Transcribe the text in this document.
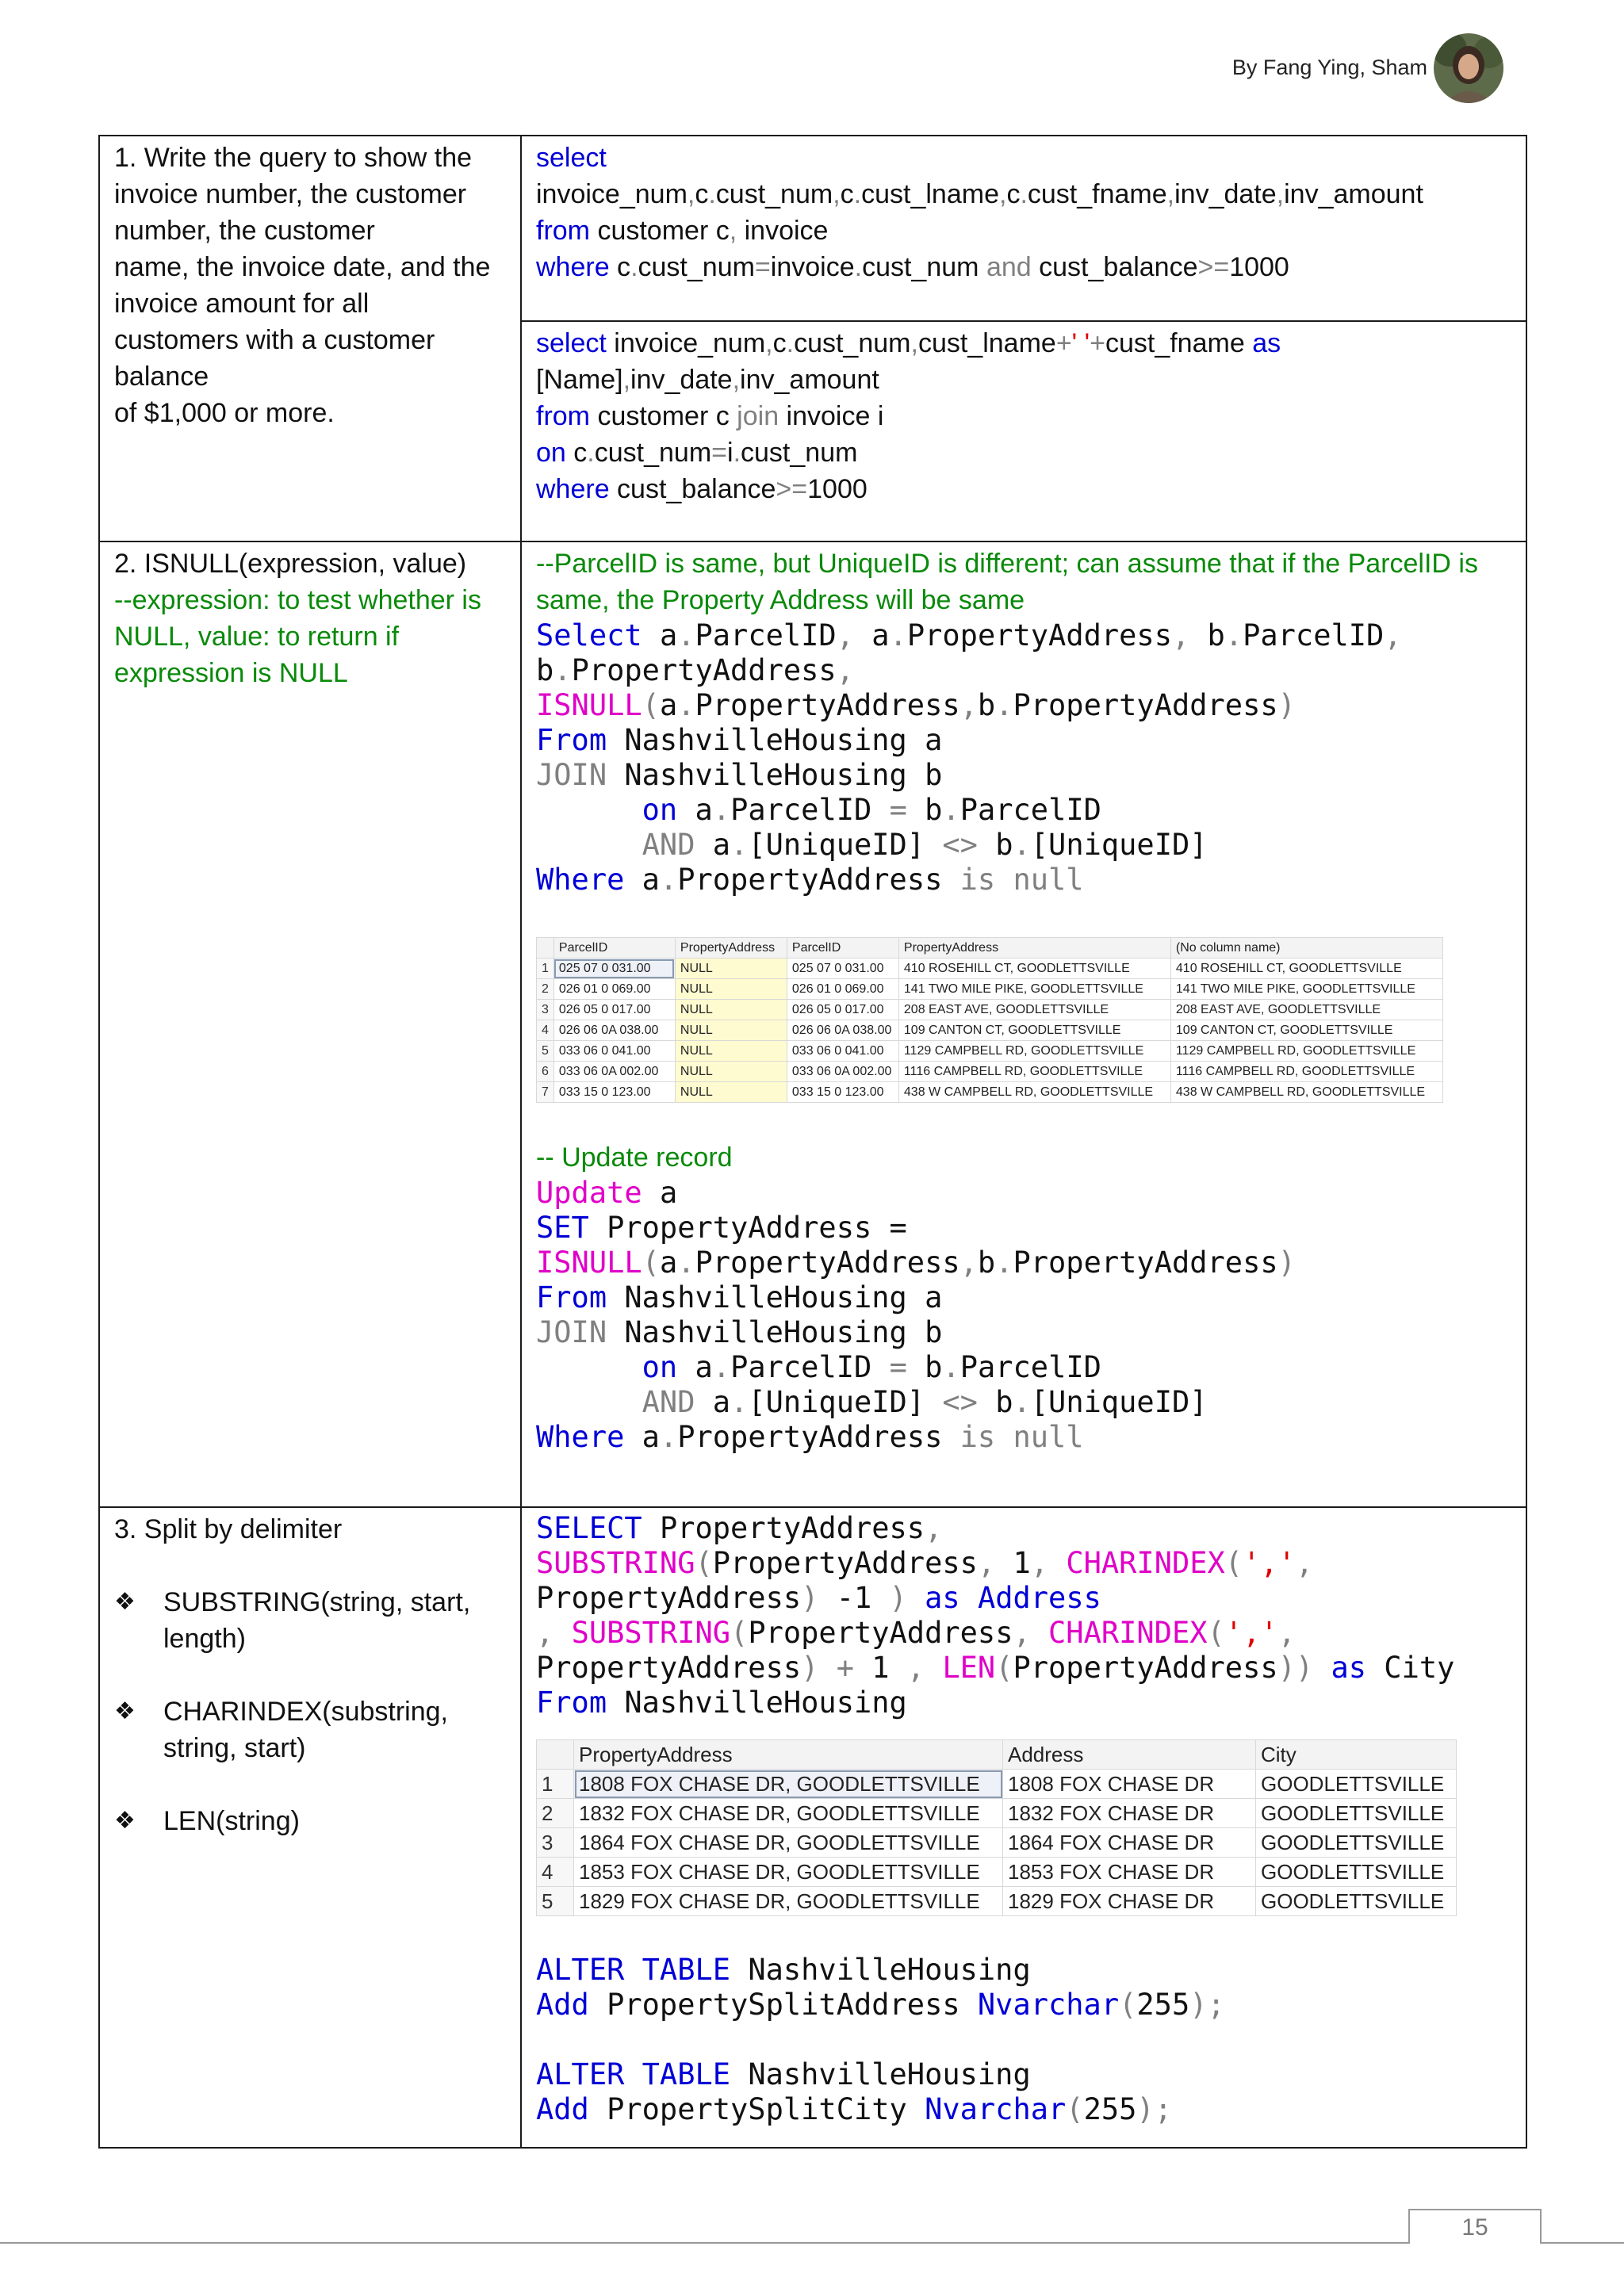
By Fang Ying, Sham
1. Write the query to show the
invoice number, the customer
number, the customer
name, the invoice date, and the
invoice amount for all
customers with a customer
balance
of $1,000 or more.

select
invoice_num,c.cust_num,c.cust_lname,c.cust_fname,inv_date,inv_amount
from customer c, invoice
where c.cust_num=invoice.cust_num and cust_balance>=1000

select invoice_num,c.cust_num,cust_lname+' '+cust_fname as
[Name],inv_date,inv_amount
from customer c join invoice i
on c.cust_num=i.cust_num
where cust_balance>=1000

2. ISNULL(expression, value)
--expression: to test whether is NULL, value: to return if expression is NULL

--ParcelID is same, but UniqueID is different; can assume that if the ParcelID is same, the Property Address will be same
Select a.ParcelID, a.PropertyAddress, b.ParcelID,
b.PropertyAddress,
ISNULL(a.PropertyAddress,b.PropertyAddress)
From NashvilleHousing a
JOIN NashvilleHousing b
on a.ParcelID = b.ParcelID
AND a.[UniqueID] <> b.[UniqueID]
Where a.PropertyAddress is null
	ParcelID	PropertyAddress	ParcelID	PropertyAddress	(No column name)
1	025 07 0 031.00	NULL	025 07 0 031.00	410 ROSEHILL CT, GOODLETTSVILLE	410 ROSEHILL CT, GOODLETTSVILLE
2	026 01 0 069.00	NULL	026 01 0 069.00	141 TWO MILE PIKE, GOODLETTSVILLE	141 TWO MILE PIKE, GOODLETTSVILLE
3	026 05 0 017.00	NULL	026 05 0 017.00	208 EAST AVE, GOODLETTSVILLE	208 EAST AVE, GOODLETTSVILLE
4	026 06 0A 038.00	NULL	026 06 0A 038.00	109 CANTON CT, GOODLETTSVILLE	109 CANTON CT, GOODLETTSVILLE
5	033 06 0 041.00	NULL	033 06 0 041.00	1129 CAMPBELL RD, GOODLETTSVILLE	1129 CAMPBELL RD, GOODLETTSVILLE
6	033 06 0A 002.00	NULL	033 06 0A 002.00	1116 CAMPBELL RD, GOODLETTSVILLE	1116 CAMPBELL RD, GOODLETTSVILLE
7	033 15 0 123.00	NULL	033 15 0 123.00	438 W CAMPBELL RD, GOODLETTSVILLE	438 W CAMPBELL RD, GOODLETTSVILLE
-- Update record
Update a
SET PropertyAddress =
ISNULL(a.PropertyAddress,b.PropertyAddress)
From NashvilleHousing a
JOIN NashvilleHousing b
on a.ParcelID = b.ParcelID
AND a.[UniqueID] <> b.[UniqueID]
Where a.PropertyAddress is null

3. Split by delimiter
❖	SUBSTRING(string, start,
length)
❖	CHARINDEX(substring,
string, start)
❖	LEN(string)

SELECT PropertyAddress,
SUBSTRING(PropertyAddress, 1, CHARINDEX(',',
PropertyAddress) -1 ) as Address
, SUBSTRING(PropertyAddress, CHARINDEX(',',
PropertyAddress) + 1 , LEN(PropertyAddress)) as City
From NashvilleHousing
	PropertyAddress	Address	City
1	1808 FOX CHASE DR, GOODLETTSVILLE	1808 FOX CHASE DR	GOODLETTSVILLE
2	1832 FOX CHASE DR, GOODLETTSVILLE	1832 FOX CHASE DR	GOODLETTSVILLE
3	1864 FOX CHASE DR, GOODLETTSVILLE	1864 FOX CHASE DR	GOODLETTSVILLE
4	1853 FOX CHASE DR, GOODLETTSVILLE	1853 FOX CHASE DR	GOODLETTSVILLE
5	1829 FOX CHASE DR, GOODLETTSVILLE	1829 FOX CHASE DR	GOODLETTSVILLE
ALTER TABLE NashvilleHousing
Add PropertySplitAddress Nvarchar(255);

ALTER TABLE NashvilleHousing
Add PropertySplitCity Nvarchar(255);
15
